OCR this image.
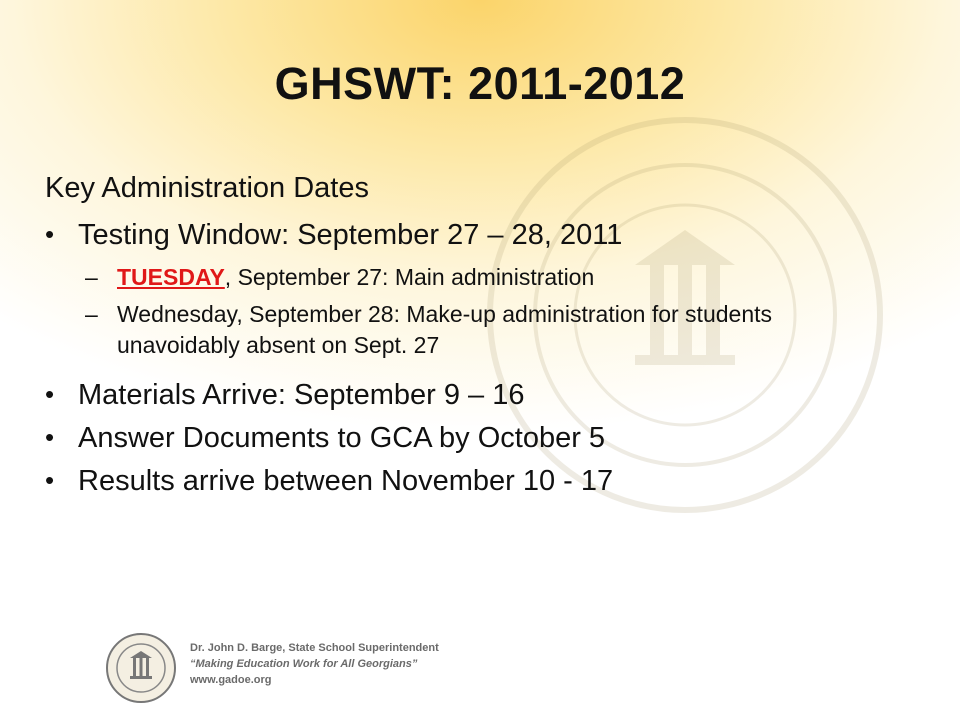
GHSWT: 2011-2012
Key Administration Dates
• Testing Window: September 27 – 28, 2011
– TUESDAY, September 27: Main administration
– Wednesday, September 28: Make-up administration for students unavoidably absent on Sept. 27
• Materials Arrive: September 9 – 16
• Answer Documents to GCA by October 5
• Results arrive between November 10 - 17
Dr. John D. Barge, State School Superintendent
“Making Education Work for All Georgians”
www.gadoe.org
